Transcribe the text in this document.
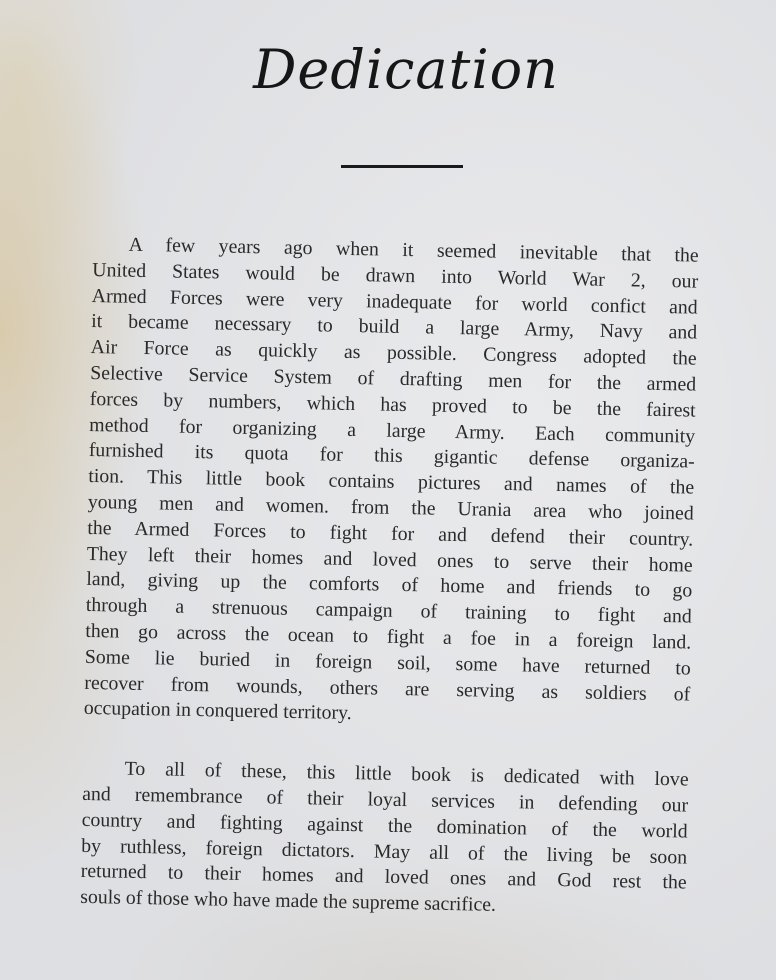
Dedication

A few years ago when it seemed inevitable that the
United States would be drawn into World War 2, our
Armed Forces were very inadequate for world confict and
it became necessary to build a large Army, Navy and
Air Force as quickly as possible. Congress adopted the
Selective Service System of drafting men for the armed
forces by numbers, which has proved to be the fairest
method for organizing a large Army. Each community
furnished its quota for this gigantic defense organiza-
tion. This little book contains pictures and names of the
young men and women. from the Urania area who joined
the Armed Forces to fight for and defend their country.
They left their homes and loved ones to serve their home
land, giving up the comforts of home and friends to go
through a strenuous campaign of training to fight and
then go across the ocean to fight a foe in a foreign land.
Some lie buried in foreign soil, some have returned to
recover from wounds, others are serving as soldiers of
occupation in conquered territory.

To all of these, this little book is dedicated with love
and remembrance of their loyal services in defending our
country and fighting against the domination of the world
by ruthless, foreign dictators. May all of the living be soon
returned to their homes and loved ones and God rest the
souls of those who have made the supreme sacrifice.
